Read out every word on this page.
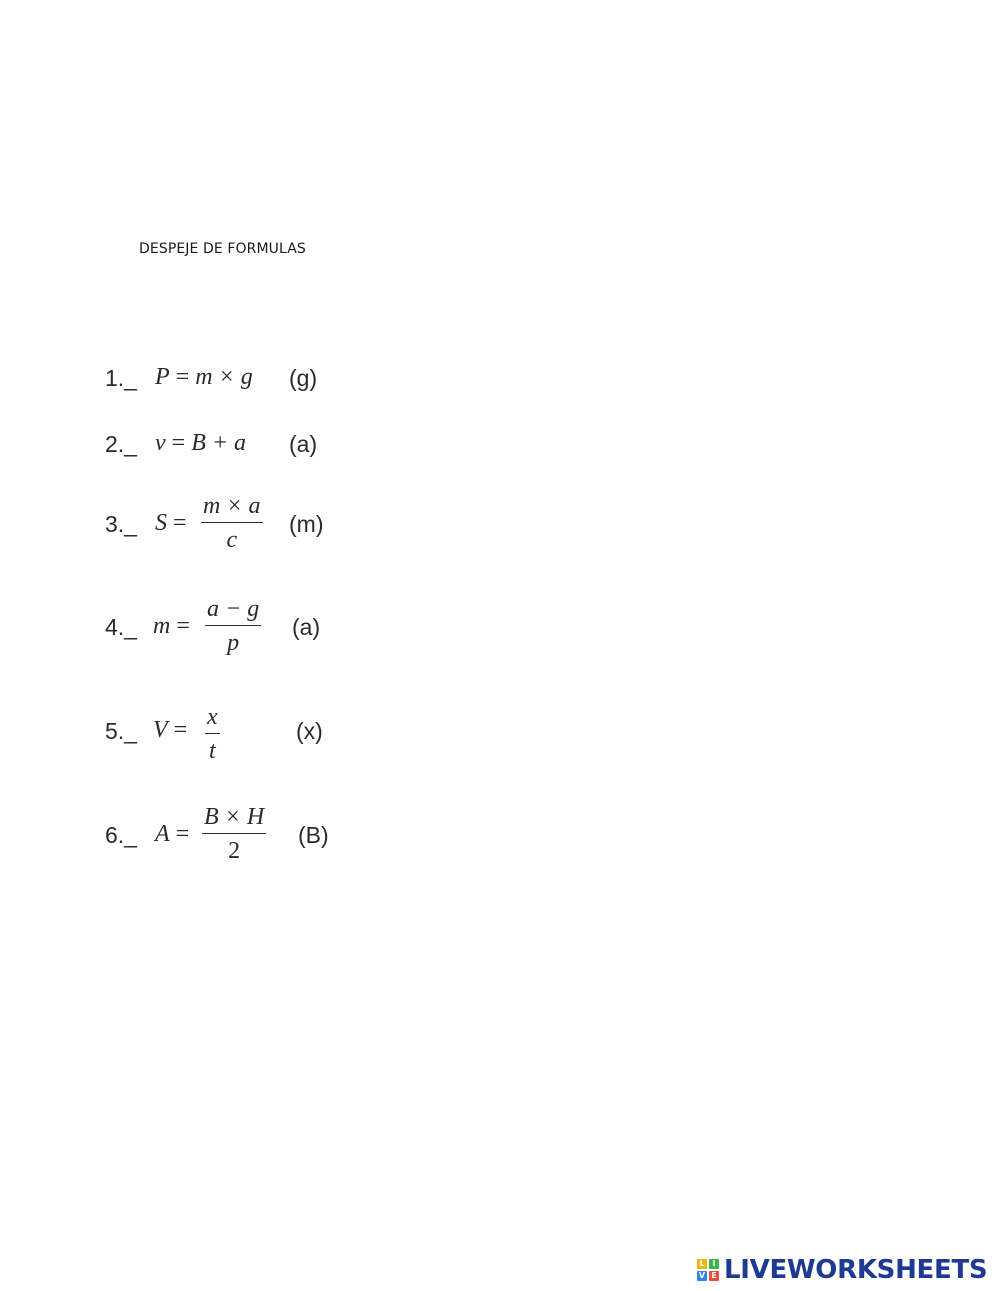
DESPEJE DE FORMULAS
1._ P = m × g (g)
2._ v = B + a (a)
3._ $S = \frac{m \times a}{c} (m)$
4._ $m = \frac{a - g}{p} (a)$
5._ $V = \frac{x}{t}$	(x)
6._ $A = \frac{B \times H}{2} (B)$
L I
V E LIVEWORKSHEETS
